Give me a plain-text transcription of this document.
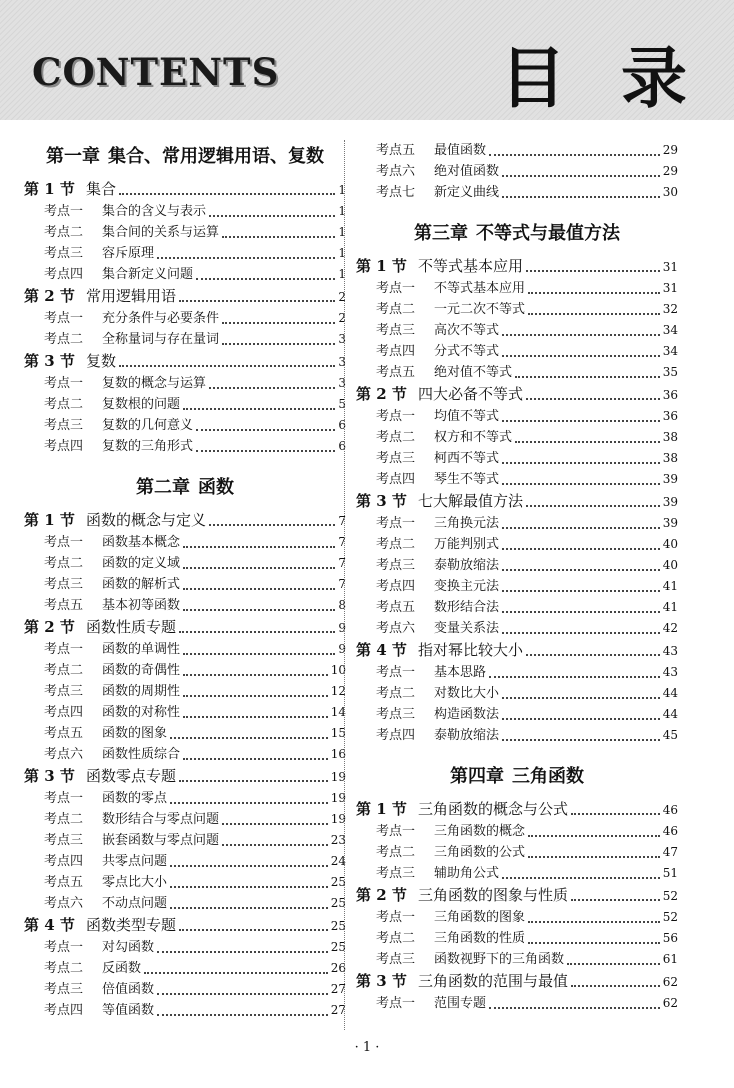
CONTENTS	目 录
第一章 集合、常用逻辑用语、复数
第 1 节 集合	1
考点一	集合的含义与表示	1
考点二	集合间的关系与运算	1
考点三	容斥原理	1
考点四	集合新定义问题	1
第 2 节 常用逻辑用语	2
考点一	充分条件与必要条件	2
考点二	全称量词与存在量词	3
第 3 节 复数	3
考点一	复数的概念与运算	3
考点二	复数根的问题	5
考点三	复数的几何意义	6
考点四	复数的三角形式	6
第二章 函数
第 1 节 函数的概念与定义	7
考点一	函数基本概念	7
考点二	函数的定义域	7
考点三	函数的解析式	7
考点五	基本初等函数	8
第 2 节 函数性质专题	9
考点一	函数的单调性	9
考点二	函数的奇偶性	10
考点三	函数的周期性	12
考点四	函数的对称性	14
考点五	函数的图象	15
考点六	函数性质综合	16
第 3 节 函数零点专题	19
考点一	函数的零点	19
考点二	数形结合与零点问题	19
考点三	嵌套函数与零点问题	23
考点四	共零点问题	24
考点五	零点比大小	25
考点六	不动点问题	25
第 4 节 函数类型专题	25
考点一	对勾函数	25
考点二	反函数	26
考点三	倍值函数	27
考点四	等值函数	27
考点五	最值函数	29
考点六	绝对值函数	29
考点七	新定义曲线	30
第三章 不等式与最值方法
第 1 节 不等式基本应用	31
考点一	不等式基本应用	31
考点二	一元二次不等式	32
考点三	高次不等式	34
考点四	分式不等式	34
考点五	绝对值不等式	35
第 2 节 四大必备不等式	36
考点一	均值不等式	36
考点二	权方和不等式	38
考点三	柯西不等式	38
考点四	琴生不等式	39
第 3 节 七大解最值方法	39
考点一	三角换元法	39
考点二	万能判别式	40
考点三	泰勒放缩法	40
考点四	变换主元法	41
考点五	数形结合法	41
考点六	变量关系法	42
第 4 节 指对幂比较大小	43
考点一	基本思路	43
考点二	对数比大小	44
考点三	构造函数法	44
考点四	泰勒放缩法	45
第四章 三角函数
第 1 节 三角函数的概念与公式	46
考点一	三角函数的概念	46
考点二	三角函数的公式	47
考点三	辅助角公式	51
第 2 节 三角函数的图象与性质	52
考点一	三角函数的图象	52
考点二	三角函数的性质	56
考点三	函数视野下的三角函数	61
第 3 节 三角函数的范围与最值	62
考点一	范围专题	62
· 1 ·
